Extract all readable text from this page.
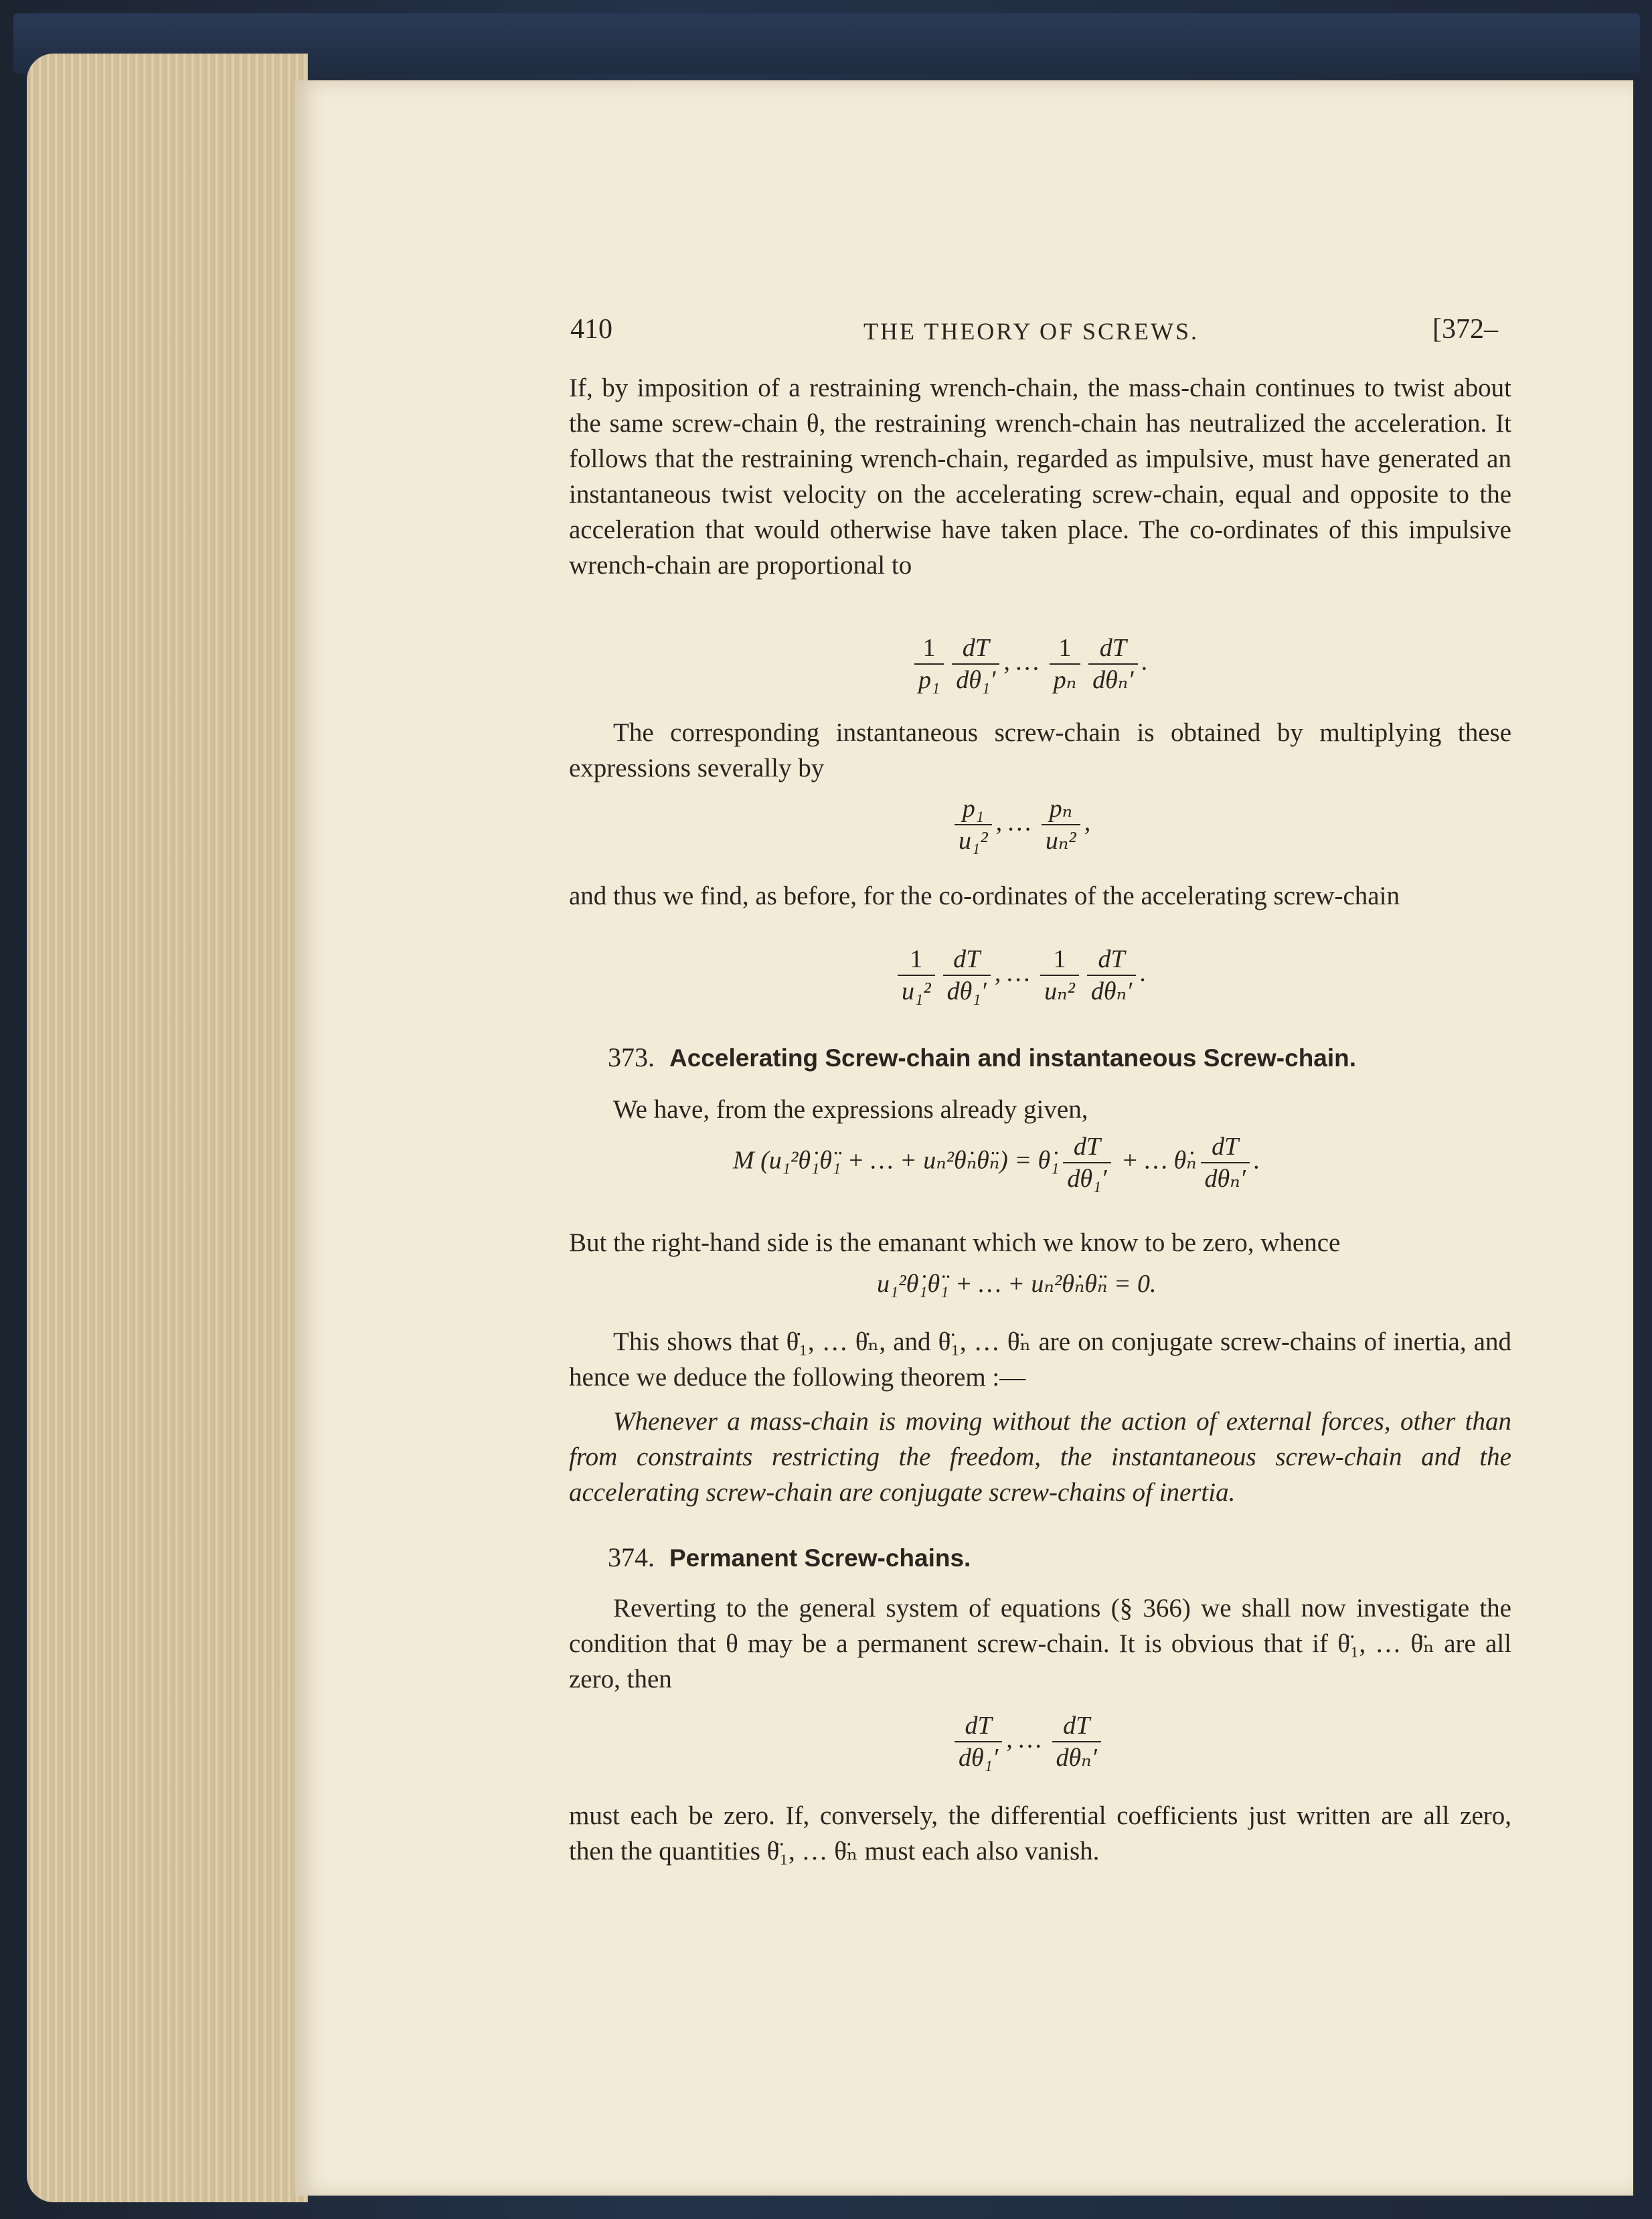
410	THE THEORY OF SCREWS.	[372–

If, by imposition of a restraining wrench-chain, the mass-chain continues to twist about the same screw-chain θ, the restraining wrench-chain has neutralized the acceleration. It follows that the restraining wrench-chain, regarded as impulsive, must have generated an instantaneous twist velocity on the accelerating screw-chain, equal and opposite to the acceleration that would otherwise have taken place. The co-ordinates of this impulsive wrench-chain are proportional to

$\frac{1}{\text{p₁}} \frac{dT}{\text{dθ₁′}}$ , … $\frac{1}{\text{pₙ}} \frac{dT}{\text{dθₙ′}}$ .

The corresponding instantaneous screw-chain is obtained by multiplying these expressions severally by

$\frac{\text{p₁}}{\text{u₁²}}$ , … $\frac{\text{pₙ}}{\text{uₙ²}}$ ,

and thus we find, as before, for the co-ordinates of the accelerating screw-chain

$\frac{1}{\text{u₁²}} \frac{dT}{\text{dθ₁′}}$ , … $\frac{1}{\text{uₙ²}} \frac{dT}{\text{dθₙ′}}$ .
373. Accelerating Screw-chain and instantaneous Screw-chain.

We have, from the expressions already given,

M (u₁²θ̇₁θ̈₁ + … + uₙ²θ̇ₙθ̈ₙ) = θ̇₁ $\frac{dT}{\text{dθ₁′}}$ + … θ̇ₙ $\frac{dT}{\text{dθₙ′}}$ .

But the right-hand side is the emanant which we know to be zero, whence

u₁²θ̇₁θ̈₁ + … + uₙ²θ̇ₙθ̈ₙ = 0.

This shows that θ̇₁, … θ̇ₙ, and θ̈₁, … θ̈ₙ are on conjugate screw-chains of inertia, and hence we deduce the following theorem :—

Whenever a mass-chain is moving without the action of external forces, other than from constraints restricting the freedom, the instantaneous screw-chain and the accelerating screw-chain are conjugate screw-chains of inertia.

374. Permanent Screw-chains.

Reverting to the general system of equations (§ 366) we shall now investigate the condition that θ may be a permanent screw-chain. It is obvious that if θ̈₁, … θ̈ₙ are all zero, then

$\frac{dT}{\text{dθ₁′}}$ , … $\frac{dT}{\text{dθₙ′}}$

must each be zero. If, conversely, the differential coefficients just written are all zero, then the quantities θ̈₁, … θ̈ₙ must each also vanish.
